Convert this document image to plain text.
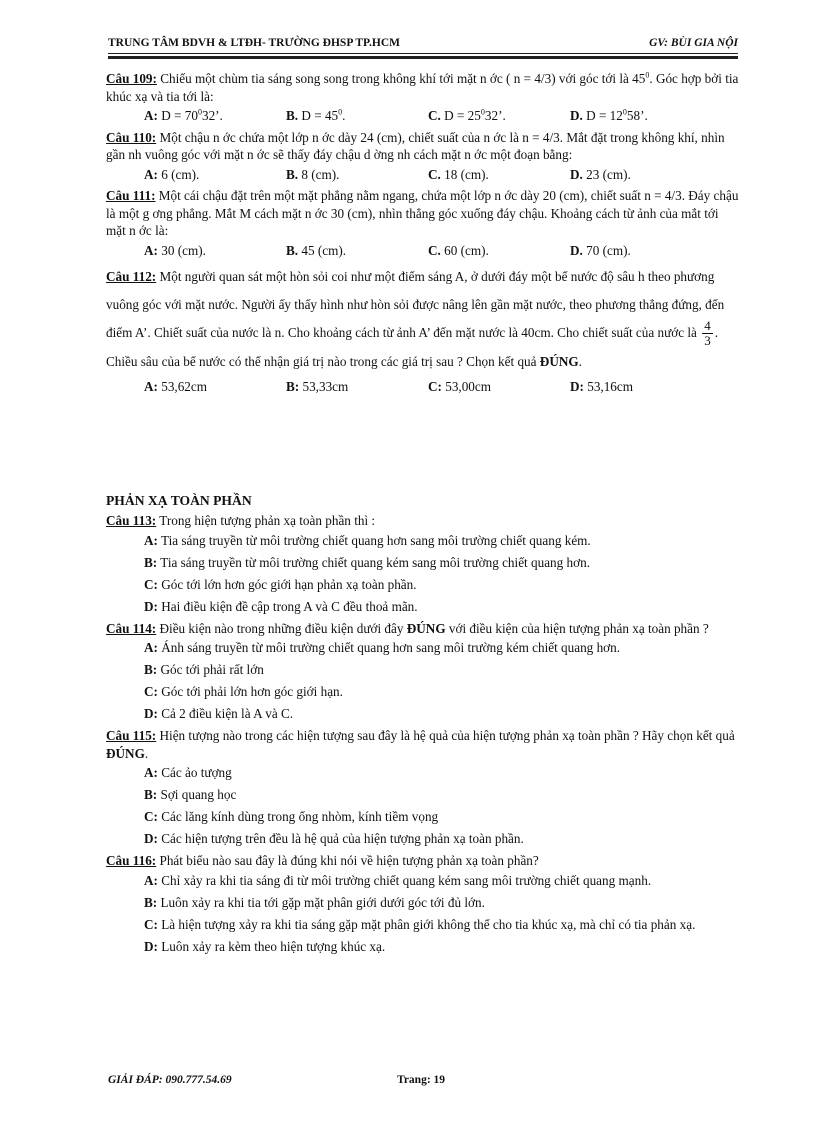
TRUNG TÂM BDVH & LTĐH- TRƯỜNG ĐHSP TP.HCM	GV: BÙI GIA NỘI
Câu 109: Chiếu một chùm tia sáng song song trong không khí tới mặt n ớc ( n = 4/3) với góc tới là $45^0$. Góc hợp bởi tia khúc xạ và tia tới là:
A: $D = 70^032$’.	B. $D = 45^0$.	C. $D = 25^032$’.	D. $D = 12^058$’.
Câu 110: Một chậu n ớc chứa một lớp n ớc dày 24 (cm), chiết suất của n ớc là n = 4/3. Mắt đặt trong không khí, nhìn gần nh vuông góc với mặt n ớc sẽ thấy đáy chậu d ờng nh cách mặt n ớc một đoạn bằng:
A: 6 (cm).	B. 8 (cm).	C. 18 (cm).	D. 23 (cm).
Câu 111: Một cái chậu đặt trên một mặt phẳng nằm ngang, chứa một lớp n ớc dày 20 (cm), chiết suất n = 4/3. Đáy chậu là một g ơng phẳng. Mắt M cách mặt n ớc 30 (cm), nhìn thẳng góc xuống đáy chậu. Khoảng cách từ ảnh của mắt tới mặt n ớc là:
A: 30 (cm).	B. 45 (cm).	C. 60 (cm).	D. 70 (cm).
Câu 112: Một người quan sát một hòn sỏi coi như một điểm sáng A, ở dưới đáy một bể nước độ sâu h theo phương vuông góc với mặt nước. Người ấy thấy hình như hòn sỏi được nâng lên gần mặt nước, theo phương thẳng đứng, đến điểm A’. Chiết suất của nước là n. Cho khoảng cách từ ảnh A’ đến mặt nước là 40cm. Cho chiết suất của nước là $\frac{4}{3}$ . Chiều sâu của bể nước có thể nhận giá trị nào trong các giá trị sau ? Chọn kết quả ĐÚNG.
A: 53,62cm	B: 53,33cm	C: 53,00cm	D: 53,16cm
PHẢN XẠ TOÀN PHẦN
Câu 113: Trong hiện tượng phản xạ toàn phần thì :
A: Tia sáng truyền từ môi trường chiết quang hơn sang môi trường chiết quang kém.
B: Tia sáng truyền từ môi trường chiết quang kém sang môi trường chiết quang hơn.
C: Góc tới lớn hơn góc giới hạn phản xạ toàn phần.
D: Hai điều kiện đề cập trong A và C đều thoả mãn.
Câu 114: Điều kiện nào trong những điều kiện dưới đây ĐÚNG với điều kiện của hiện tượng phản xạ toàn phần ?
A: Ánh sáng truyền từ môi trường chiết quang hơn sang môi trường kém chiết quang hơn.
B: Góc tới phải rất lớn
C: Góc tới phải lớn hơn góc giới hạn.
D: Cả 2 điều kiện là A và C.
Câu 115: Hiện tượng nào trong các hiện tượng sau đây là hệ quả của hiện tượng phản xạ toàn phần ? Hãy chọn kết quả ĐÚNG.
A: Các ảo tượng
B: Sợi quang học
C: Các lăng kính dùng trong ống nhòm, kính tiềm vọng
D: Các hiện tượng trên đều là hệ quả của hiện tượng phản xạ toàn phần.
Câu 116: Phát biểu nào sau đây là đúng khi nói về hiện tượng phản xạ toàn phần?
A: Chỉ xảy ra khi tia sáng đi từ môi trường chiết quang kém sang môi trường chiết quang mạnh.
B: Luôn xảy ra khi tia tới gặp mặt phân giới dưới góc tới đủ lớn.
C: Là hiện tượng xảy ra khi tia sáng gặp mặt phân giới không thể cho tia khúc xạ, mà chỉ có tia phản xạ.
D: Luôn xảy ra kèm theo hiện tượng khúc xạ.
GIẢI ĐÁP: 090.777.54.69	Trang: 19
